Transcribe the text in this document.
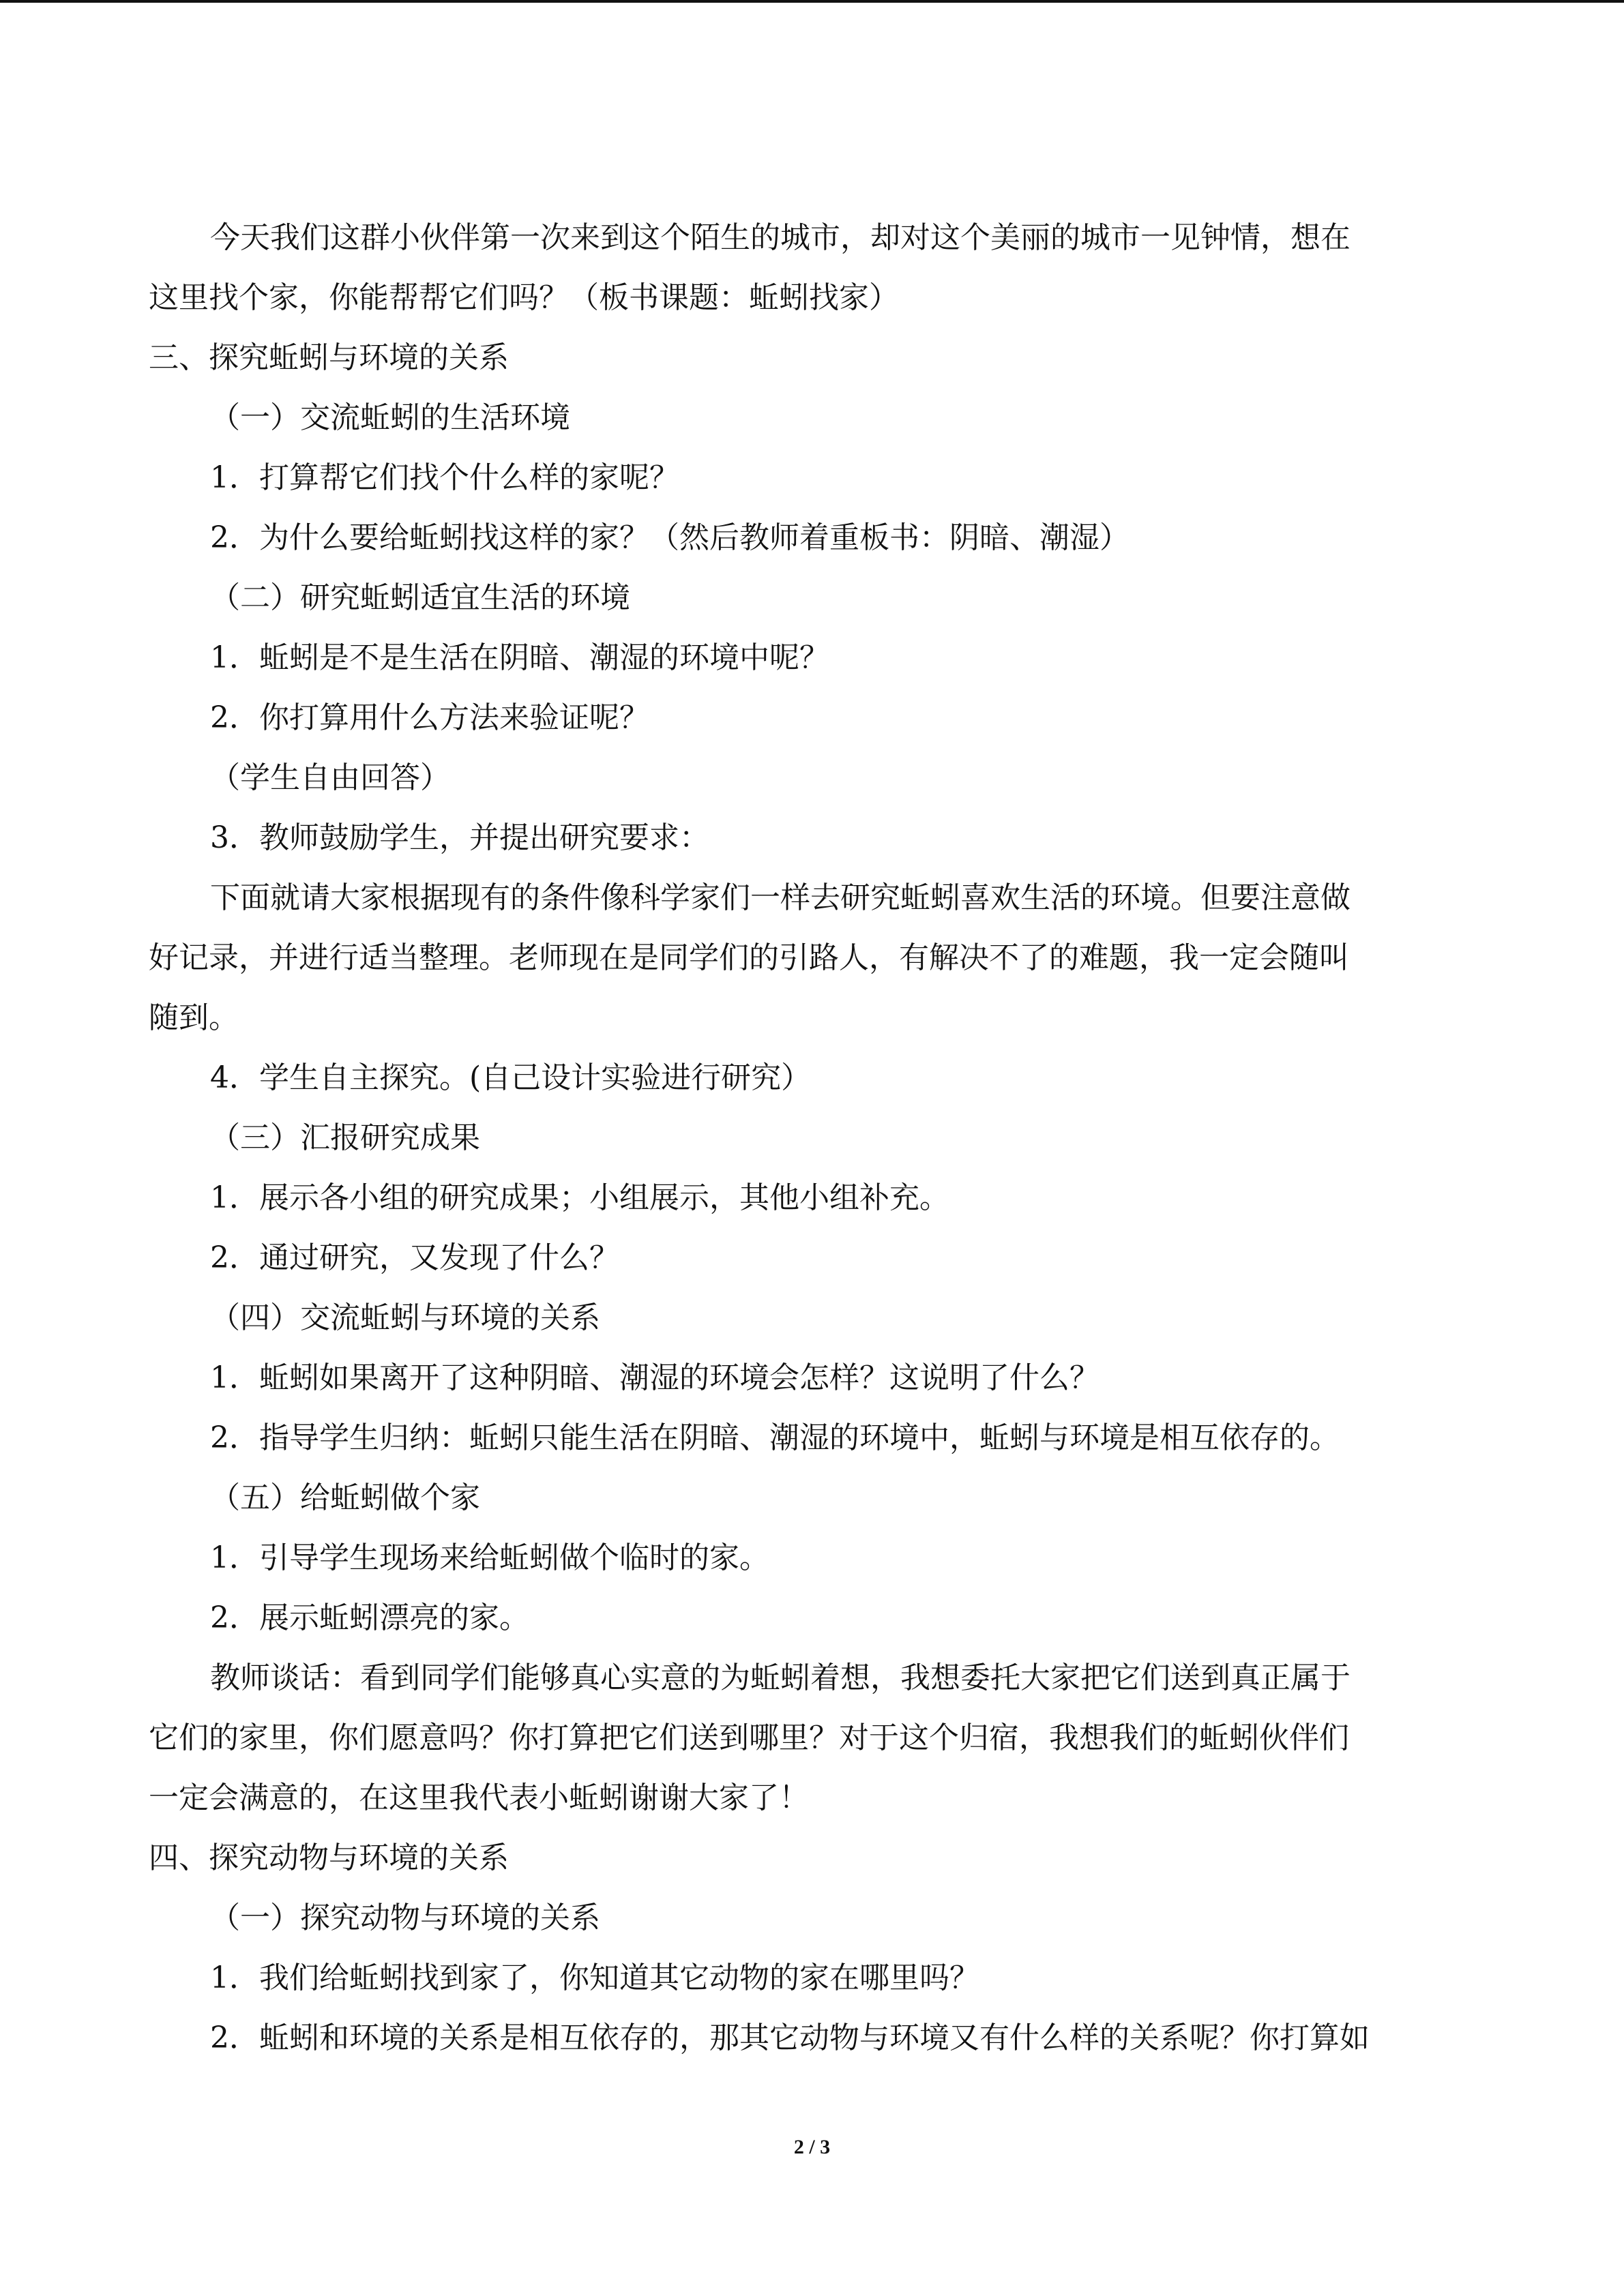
今天我们这群小伙伴第一次来到这个陌生的城市，却对这个美丽的城市一见钟情，想在
这里找个家，你能帮帮它们吗？（板书课题：蚯蚓找家）
三、探究蚯蚓与环境的关系
（一）交流蚯蚓的生活环境
1．打算帮它们找个什么样的家呢？
2．为什么要给蚯蚓找这样的家？（然后教师着重板书：阴暗、潮湿）
（二）研究蚯蚓适宜生活的环境
1．蚯蚓是不是生活在阴暗、潮湿的环境中呢？
2．你打算用什么方法来验证呢？
（学生自由回答）
3．教师鼓励学生，并提出研究要求：
下面就请大家根据现有的条件像科学家们一样去研究蚯蚓喜欢生活的环境。但要注意做
好记录，并进行适当整理。老师现在是同学们的引路人，有解决不了的难题，我一定会随叫
随到。
4．学生自主探究。(自己设计实验进行研究）
（三）汇报研究成果
1．展示各小组的研究成果；小组展示，其他小组补充。
2．通过研究，又发现了什么？
（四）交流蚯蚓与环境的关系
1．蚯蚓如果离开了这种阴暗、潮湿的环境会怎样？这说明了什么？
2．指导学生归纳：蚯蚓只能生活在阴暗、潮湿的环境中，蚯蚓与环境是相互依存的。
（五）给蚯蚓做个家
1．引导学生现场来给蚯蚓做个临时的家。
2．展示蚯蚓漂亮的家。
教师谈话：看到同学们能够真心实意的为蚯蚓着想，我想委托大家把它们送到真正属于
它们的家里，你们愿意吗？你打算把它们送到哪里？对于这个归宿，我想我们的蚯蚓伙伴们
一定会满意的，在这里我代表小蚯蚓谢谢大家了！
四、探究动物与环境的关系
（一）探究动物与环境的关系
1．我们给蚯蚓找到家了，你知道其它动物的家在哪里吗？
2．蚯蚓和环境的关系是相互依存的，那其它动物与环境又有什么样的关系呢？你打算如
2 / 3
